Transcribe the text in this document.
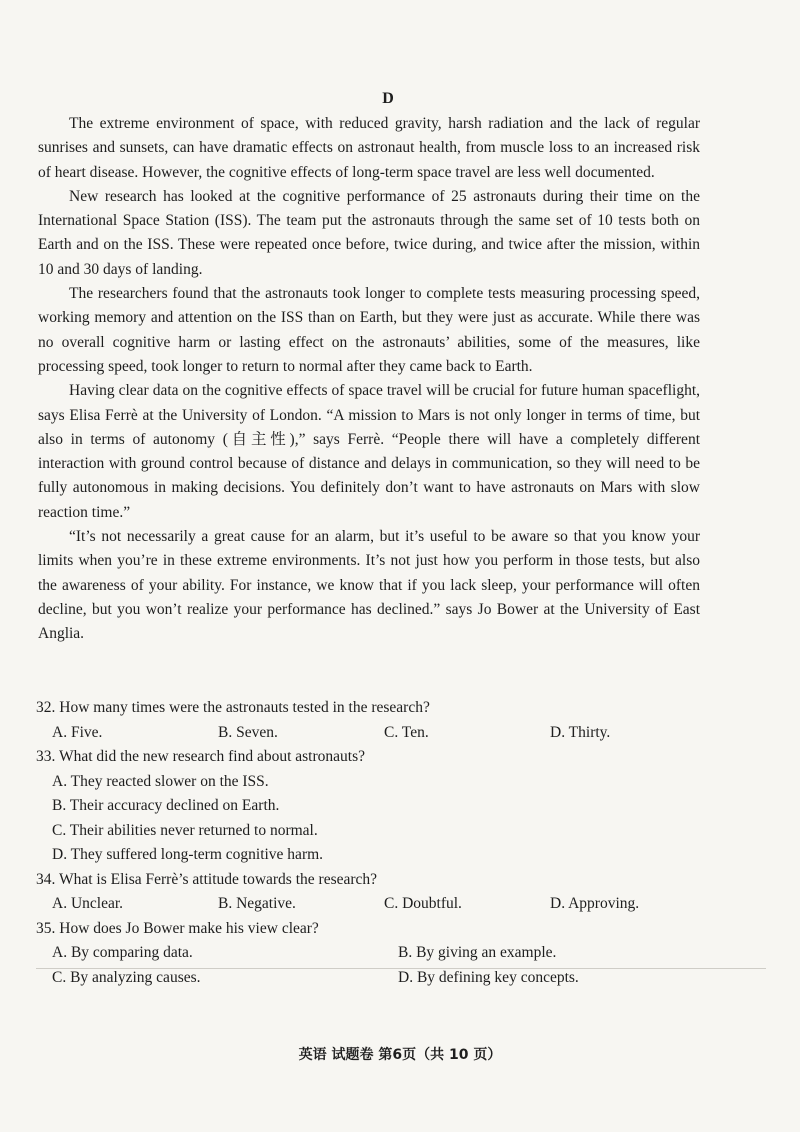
D

The extreme environment of space, with reduced gravity, harsh radiation and the lack of regular sunrises and sunsets, can have dramatic effects on astronaut health, from muscle loss to an increased risk of heart disease. However, the cognitive effects of long-term space travel are less well documented.

New research has looked at the cognitive performance of 25 astronauts during their time on the International Space Station (ISS). The team put the astronauts through the same set of 10 tests both on Earth and on the ISS. These were repeated once before, twice during, and twice after the mission, within 10 and 30 days of landing.

The researchers found that the astronauts took longer to complete tests measuring processing speed, working memory and attention on the ISS than on Earth, but they were just as accurate. While there was no overall cognitive harm or lasting effect on the astronauts’ abilities, some of the measures, like processing speed, took longer to return to normal after they came back to Earth.

Having clear data on the cognitive effects of space travel will be crucial for future human spaceflight, says Elisa Ferrè at the University of London. “A mission to Mars is not only longer in terms of time, but also in terms of autonomy (自主性),” says Ferrè. “People there will have a completely different interaction with ground control because of distance and delays in communication, so they will need to be fully autonomous in making decisions. You definitely don’t want to have astronauts on Mars with slow reaction time.”

“It’s not necessarily a great cause for an alarm, but it’s useful to be aware so that you know your limits when you’re in these extreme environments. It’s not just how you perform in those tests, but also the awareness of your ability. For instance, we know that if you lack sleep, your performance will often decline, but you won’t realize your performance has declined.” says Jo Bower at the University of East Anglia.

32. How many times were the astronauts tested in the research?

A. Five.	B. Seven.	C. Ten.	D. Thirty.

33. What did the new research find about astronauts?

A. They reacted slower on the ISS.
B. Their accuracy declined on Earth.
C. Their abilities never returned to normal.
D. They suffered long-term cognitive harm.

34. What is Elisa Ferrè’s attitude towards the research?

A. Unclear.	B. Negative.	C. Doubtful.	D. Approving.

35. How does Jo Bower make his view clear?

A. By comparing data.	B. By giving an example.
C. By analyzing causes.	D. By defining key concepts.
英语 试题卷 第6页（共 10 页）
